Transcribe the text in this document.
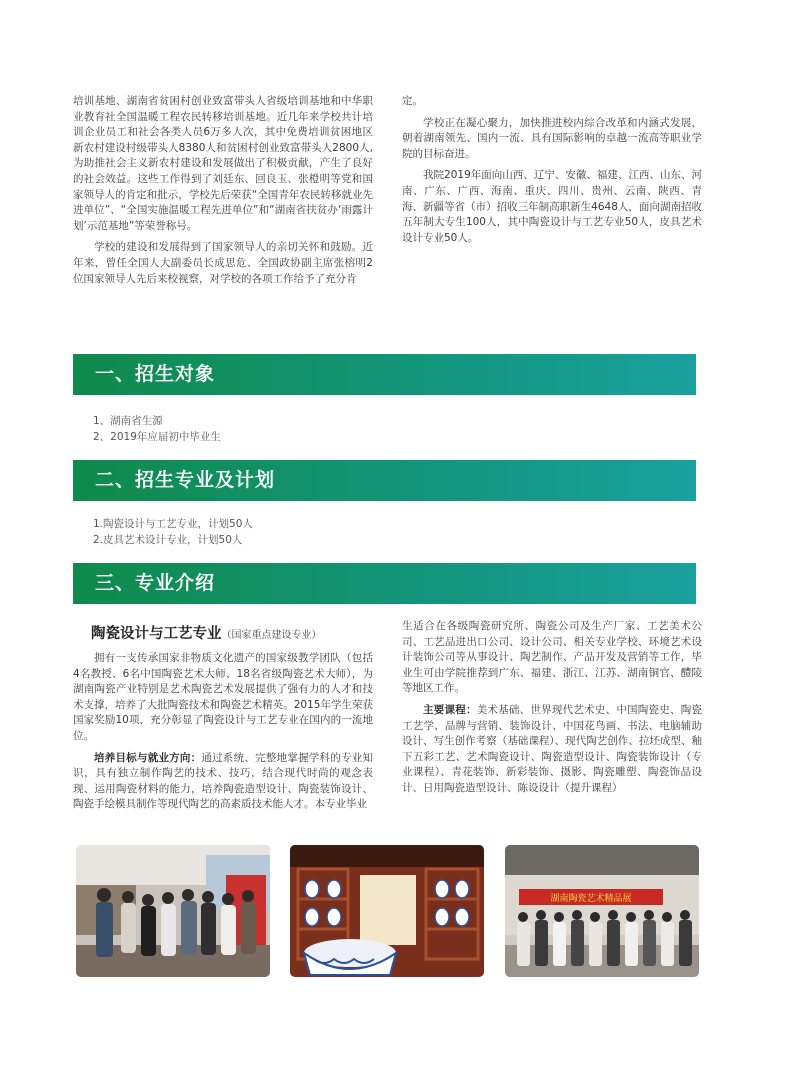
培训基地、湖南省贫困村创业致富带头人省级培训基地和中华职业教育社全国温暖工程农民转移培训基地。近几年来学校共计培训企业员工和社会各类人员6万多人次，其中免费培训贫困地区新农村建设村级带头人8380人和贫困村创业致富带头人2800人,为助推社会主义新农村建设和发展做出了积极贡献，产生了良好的社会效益。这些工作得到了刘廷东、回良玉、张橙明等党和国家领导人的肯定和批示，学校先后荣获“全国青年农民转移就业先进单位”、“全国实施温暖工程先进单位”和“湖南省扶贫办‘雨露计划’示范基地”等荣誉称号。

学校的建设和发展得到了国家领导人的亲切关怀和鼓励。近年来，曾任全国人大副委员长成思危、全国政协副主席张榕明2位国家领导人先后来校视察，对学校的各项工作给予了充分肯

定。

学校正在凝心聚力，加快推进校内综合改革和内涵式发展，朝着湖南领先、国内一流、具有国际影响的卓越一流高等职业学院的目标奋进。

我院2019年面向山西、辽宁、安徽、福建、江西、山东、河南、广东、广西、海南、重庆、四川、贵州、云南、陕西、青海、新疆等省（市）招收三年制高职新生4648人，面向湖南招收五年制大专生100人，其中陶瓷设计与工艺专业50人，皮具艺术设计专业50人。

一、招生对象
1、湖南省生源
2、2019年应届初中毕业生
二、招生专业及计划
1.陶瓷设计与工艺专业，计划50人
2.皮具艺术设计专业，计划50人
三、专业介绍
陶瓷设计与工艺专业（国家重点建设专业）

拥有一支传承国家非物质文化遗产的国家级教学团队（包括4名教授、6名中国陶瓷艺术大师、18名省级陶瓷艺术大师），为湖南陶瓷产业特别是艺术陶瓷艺术发展提供了强有力的人才和技术支撑，培养了大批陶瓷技术和陶瓷艺术精英。2015年学生荣获国家奖励10项，充分彰显了陶瓷设计与工艺专业在国内的一流地位。

培养目标与就业方向：通过系统、完整地掌握学科的专业知识，具有独立制作陶艺的技术、技巧，结合现代时尚的观念表现、运用陶瓷材料的能力，培养陶瓷造型设计、陶瓷装饰设计、陶瓷手绘模具制作等现代陶艺的高素质技术能人才。本专业毕业

生适合在各级陶瓷研究所、陶瓷公司及生产厂家、工艺美术公司、工艺品进出口公司、设计公司、相关专业学校、环境艺术设计装饰公司等从事设计、陶艺制作、产品开发及营销等工作，毕业生可由学院推荐到广东、福建、浙江、江苏、湖南铜官、醴陵等地区工作。

主要课程：美术基础、世界现代艺术史、中国陶瓷史、陶瓷工艺学、品牌与营销、装饰设计、中国花鸟画、书法、电脑辅助设计、写生创作考察（基础课程）、现代陶艺创作、拉坯成型、釉下五彩工艺、艺术陶瓷设计、陶瓷造型设计、陶瓷装饰设计（专业课程）、青花装饰、新彩装饰、摄影、陶瓷雕塑、陶瓷饰品设计、日用陶瓷造型设计、陈设设计（提升课程）

湖南陶瓷艺术精品展
